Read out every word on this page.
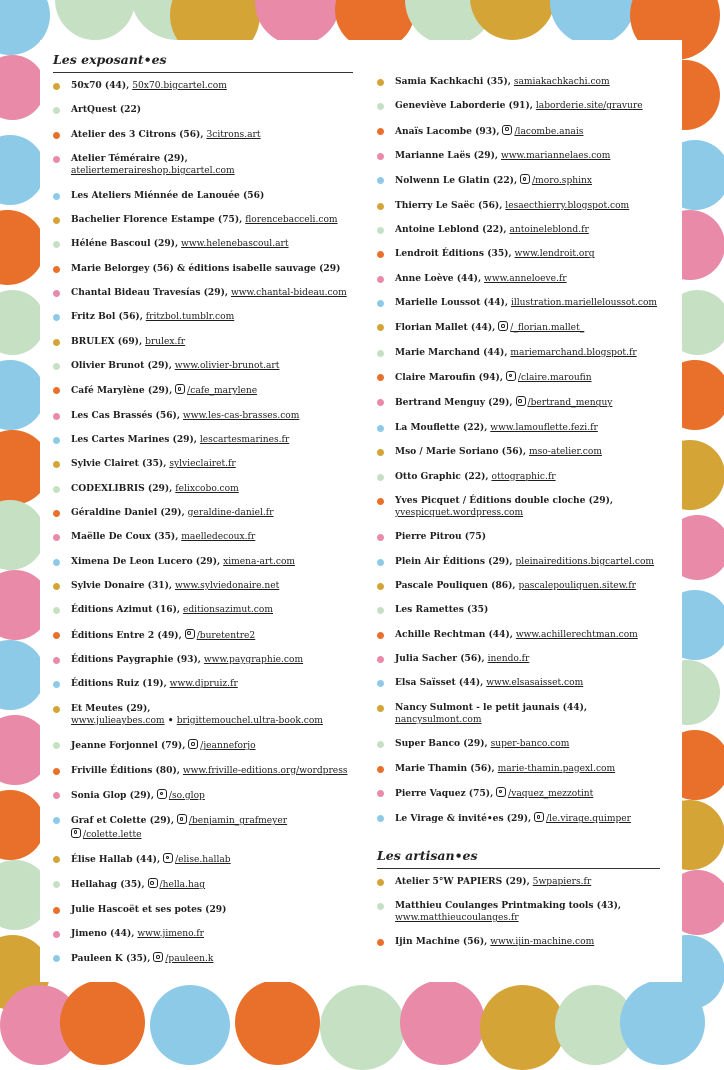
Les exposant•es
50x70 (44), 50x70.bigcartel.com
ArtQuest (22)
Atelier des 3 Citrons (56), 3citrons.art
Atelier Téméraire (29), ateliertemeraireshop.bigcartel.com
Les Ateliers Miénnée de Lanouée (56)
Bachelier Florence Estampe (75), florencebacceli.com
Héléne Bascoul (29), www.helenebascoul.art
Marie Belorgey (56) & éditions isabelle sauvage (29)
Chantal Bideau Travesías (29), www.chantal-bideau.com
Fritz Bol (56), fritzbol.tumblr.com
BRULEX (69), brulex.fr
Olivier Brunot (29), www.olivier-brunot.art
Café Marylène (29), /cafe_marylene
Les Cas Brassés (56), www.les-cas-brasses.com
Les Cartes Marines (29), lescartesmarines.fr
Sylvie Clairet (35), sylvieclairet.fr
CODEXLIBRIS (29), felixcobo.com
Géraldine Daniel (29), geraldine-daniel.fr
Maëlle De Coux (35), maelledecoux.fr
Ximena De Leon Lucero (29), ximena-art.com
Sylvie Donaire (31), www.sylviedonaire.net
Éditions Azimut (16), editionsazimut.com
Éditions Entre 2 (49), /buretentre2
Éditions Paygraphie (93), www.paygraphie.com
Éditions Ruiz (19), www.djpruiz.fr
Et Meutes (29),
www.julieaybes.com • brigittemouchel.ultra-book.com
Jeanne Forjonnel (79), /jeanneforjo
Friville Éditions (80), www.friville-editions.org/wordpress
Sonia Glop (29), /so.glop
Graf et Colette (29), /benjamin_grafmeyer
/colette.lette
Élise Hallab (44), /elise.hallab
Hellahag (35), /hella.hag
Julie Hascoët et ses potes (29)
Jimeno (44), www.jimeno.fr
Pauleen K (35), /pauleen.k
Samia Kachkachi (35), samiakachkachi.com
Geneviève Laborderie (91), laborderie.site/gravure
Anaïs Lacombe (93), /lacombe.anais
Marianne Laës (29), www.mariannelaes.com
Nolwenn Le Glatin (22), /moro.sphinx
Thierry Le Saëc (56), lesaecthierry.blogspot.com
Antoine Leblond (22), antoineleblond.fr
Lendroit Éditions (35), www.lendroit.org
Anne Loève (44), www.anneloeve.fr
Marielle Loussot (44), illustration.marielleloussot.com
Florian Mallet (44), /_florian.mallet_
Marie Marchand (44), mariemarchand.blogspot.fr
Claire Maroufin (94), /claire.maroufin
Bertrand Menguy (29), /bertrand_menguy
La Mouflette (22), www.lamouflette.fezi.fr
Mso / Marie Soriano (56), mso-atelier.com
Otto Graphic (22), ottographic.fr
Yves Picquet / Éditions double cloche (29),
yvespicquet.wordpress.com
Pierre Pitrou (75)
Plein Air Éditions (29), pleinaireditions.bigcartel.com
Pascale Pouliquen (86), pascalepouliquen.sitew.fr
Les Ramettes (35)
Achille Rechtman (44), www.achillerechtman.com
Julia Sacher (56), inendo.fr
Elsa Saïsset (44), www.elsasaisset.com
Nancy Sulmont - le petit jaunais (44), nancysulmont.com
Super Banco (29), super-banco.com
Marie Thamin (56), marie-thamin.pagexl.com
Pierre Vaquez (75), /vaquez_mezzotint
Le Virage & invité•es (29), /le.virage.quimper
Les artisan•es
Atelier 5°W PAPIERS (29), 5wpapiers.fr
Matthieu Coulanges Printmaking tools (43),
www.matthieucoulanges.fr
Ijin Machine (56), www.ijin-machine.com
